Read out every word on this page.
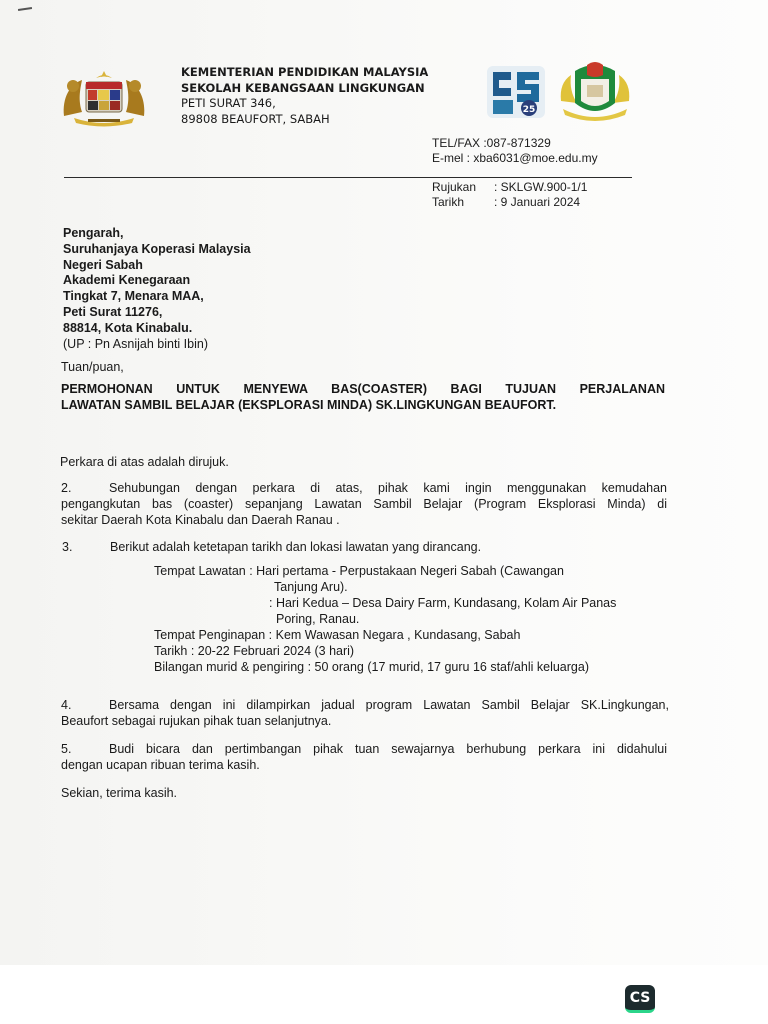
KEMENTERIAN PENDIDIKAN MALAYSIA
SEKOLAH KEBANGSAAN LINGKUNGAN
PETI SURAT 346,
89808 BEAUFORT, SABAH
25
TEL/FAX :087-871329
E-mel : xba6031@moe.edu.my
Rujukan	: SKLGW.900-1/1
Tarikh	: 9 Januari 2024
Pengarah,
Suruhanjaya Koperasi Malaysia
Negeri Sabah
Akademi Kenegaraan
Tingkat 7, Menara MAA,
Peti Surat 11276,
88814, Kota Kinabalu.
(UP : Pn Asnijah binti Ibin)
Tuan/puan,
PERMOHONAN UNTUK MENYEWA BAS(COASTER) BAGI TUJUAN PERJALANAN
LAWATAN SAMBIL BELAJAR (EKSPLORASI MINDA) SK.LINGKUNGAN BEAUFORT.
Perkara di atas adalah dirujuk.
2.	Sehubungan dengan perkara di atas, pihak kami ingin menggunakan kemudahan
pengangkutan bas (coaster) sepanjang Lawatan Sambil Belajar (Program Eksplorasi Minda) di
sekitar Daerah Kota Kinabalu dan Daerah Ranau .
3.	Berikut adalah ketetapan tarikh dan lokasi lawatan yang dirancang.
Tempat Lawatan : Hari pertama - Perpustakaan Negeri Sabah (Cawangan
Tanjung Aru).
: Hari Kedua – Desa Dairy Farm, Kundasang, Kolam Air Panas
Poring, Ranau.
Tempat Penginapan : Kem Wawasan Negara , Kundasang, Sabah
Tarikh : 20-22 Februari 2024 (3 hari)
Bilangan murid & pengiring : 50 orang (17 murid, 17 guru 16 staf/ahli keluarga)
4.	Bersama dengan ini dilampirkan jadual program Lawatan Sambil Belajar SK.Lingkungan,
Beaufort sebagai rujukan pihak tuan selanjutnya.
5.	Budi bicara dan pertimbangan pihak tuan sewajarnya berhubung perkara ini didahului
dengan ucapan ribuan terima kasih.
Sekian, terima kasih.
CS
